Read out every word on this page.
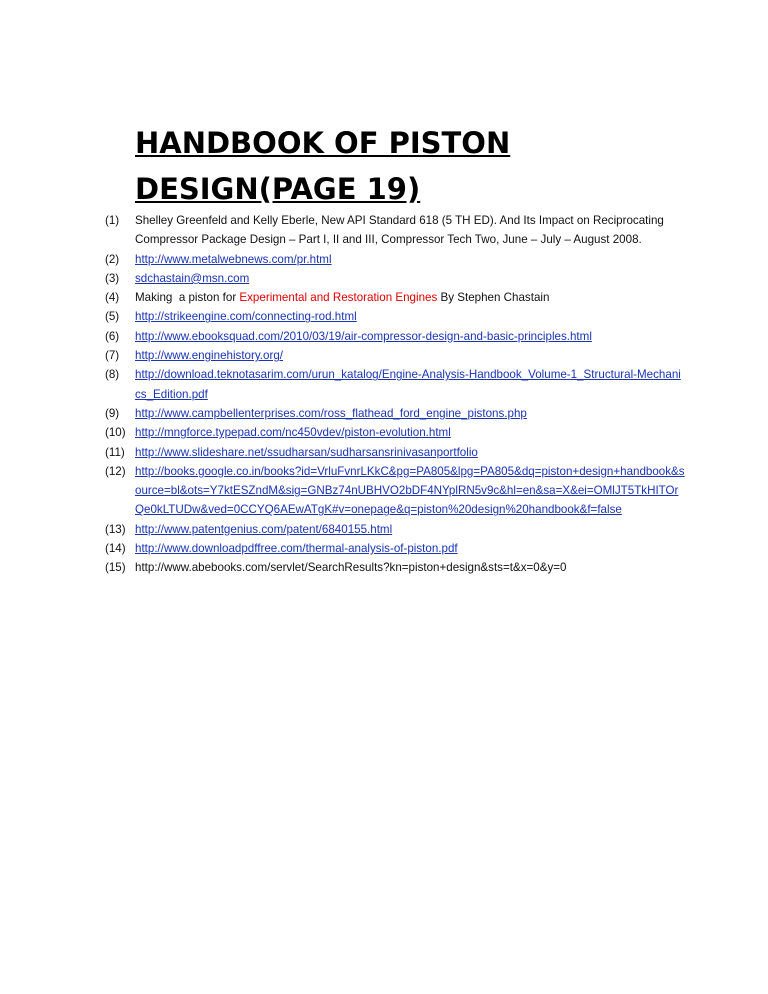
HANDBOOK OF PISTON DESIGN(PAGE 19)
(1) Shelley Greenfeld and Kelly Eberle, New API Standard 618 (5 TH ED). And Its Impact on Reciprocating Compressor Package Design – Part I, II and III, Compressor Tech Two, June – July – August 2008.
(2) http://www.metalwebnews.com/pr.html
(3) sdchastain@msn.com
(4) Making  a piston for Experimental and Restoration Engines By Stephen Chastain
(5) http://strikeengine.com/connecting-rod.html
(6) http://www.ebooksquad.com/2010/03/19/air-compressor-design-and-basic-principles.html
(7) http://www.enginehistory.org/
(8) http://download.teknotasarim.com/urun_katalog/Engine-Analysis-Handbook_Volume-1_Structural-Mechanics_Edition.pdf
(9) http://www.campbellenterprises.com/ross_flathead_ford_engine_pistons.php
(10) http://mngforce.typepad.com/nc450vdev/piston-evolution.html
(11) http://www.slideshare.net/ssudharsan/sudharsansrinivasanportfolio
(12) http://books.google.co.in/books?id=VrluFvnrLKkC&pg=PA805&lpg=PA805&dq=piston+design+handbook&source=bl&ots=Y7ktESZndM&sig=GNBz74nUBHVO2bDF4NYplRN5v9c&hl=en&sa=X&ei=OMlJT5TkHITOrQe0kLTUDw&ved=0CCYQ6AEwATgK#v=onepage&q=piston%20design%20handbook&f=false
(13) http://www.patentgenius.com/patent/6840155.html
(14) http://www.downloadpdffree.com/thermal-analysis-of-piston.pdf
(15) http://www.abebooks.com/servlet/SearchResults?kn=piston+design&sts=t&x=0&y=0
